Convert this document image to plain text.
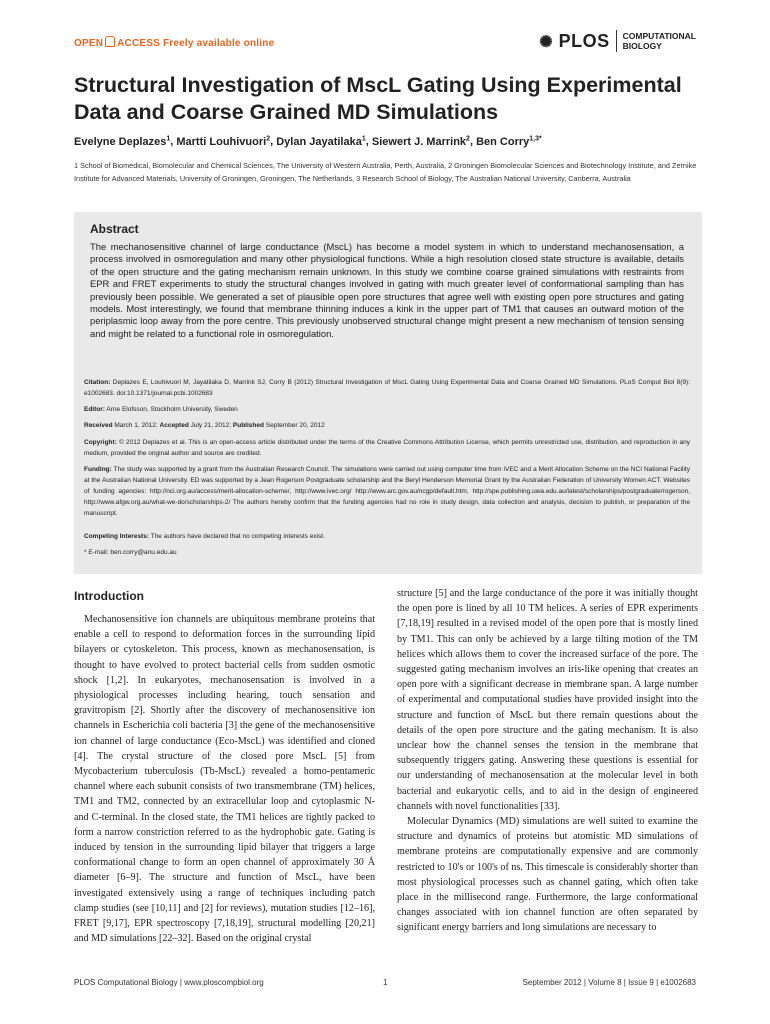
OPEN ACCESS Freely available online	✺ PLOS COMPUTATIONAL
BIOLOGY
Structural Investigation of MscL Gating Using Experimental Data and Coarse Grained MD Simulations
Evelyne Deplazes$^1$, Martti Louhivuori$^2$, Dylan Jayatilaka$^1$, Siewert J. Marrink$^2$, Ben Corry$^{1,3*}$
1 School of Biomedical, Biomolecular and Chemical Sciences, The University of Western Australia, Perth, Australia, 2 Groningen Biomolecular Sciences and Biotechnology Institute, and Zernike Institute for Advanced Materials, University of Groningen, Groningen, The Netherlands, 3 Research School of Biology, The Australian National University, Canberra, Australia
Abstract
The mechanosensitive channel of large conductance (MscL) has become a model system in which to understand mechanosensation, a process involved in osmoregulation and many other physiological functions. While a high resolution closed state structure is available, details of the open structure and the gating mechanism remain unknown. In this study we combine coarse grained simulations with restraints from EPR and FRET experiments to study the structural changes involved in gating with much greater level of conformational sampling than has previously been possible. We generated a set of plausible open pore structures that agree well with existing open pore structures and gating models. Most interestingly, we found that membrane thinning induces a kink in the upper part of TM1 that causes an outward motion of the periplasmic loop away from the pore centre. This previously unobserved structural change might present a new mechanism of tension sensing and might be related to a functional role in osmoregulation.
Citation: Deplazes E, Louhivuori M, Jayatilaka D, Marrink SJ, Corry B (2012) Structural Investigation of MscL Gating Using Experimental Data and Coarse Grained MD Simulations. PLoS Comput Biol 8(9): e1002683. doi:10.1371/journal.pcbi.1002683
Editor: Arne Elofsson, Stockholm University, Sweden
Received March 1, 2012; Accepted July 21, 2012; Published September 20, 2012
Copyright: © 2012 Deplazes et al. This is an open-access article distributed under the terms of the Creative Commons Attribution License, which permits unrestricted use, distribution, and reproduction in any medium, provided the original author and source are credited.
Funding: The study was supported by a grant from the Australian Research Council. The simulations were carried out using computer time from iVEC and a Merit Allocation Scheme on the NCI National Facility at the Australian National University. ED was supported by a Jean Rogerson Postgraduate scholarship and the Beryl Henderson Memorial Grant by the Australian Federation of University Women ACT. Websites of funding agencies: http://nci.org.au/access/merit-allocation-scheme/, http://www.ivec.org/ http://www.arc.gov.au/ncgp/default.htm, http://spe.publishing.uwa.edu.au/latest/scholarships/postgraduate/rogerson, http://www.afgw.org.au/what-we-do/scholarships-2/ The authors hereby confirm that the funding agencies had no role in study design, data collection and analysis, decision to publish, or preparation of the manuscript.
Competing Interests: The authors have declared that no competing interests exist.
* E-mail: ben.corry@anu.edu.au
Introduction

Mechanosensitive ion channels are ubiquitous membrane proteins that enable a cell to respond to deformation forces in the surrounding lipid bilayers or cytoskeleton. This process, known as mechanosensation, is thought to have evolved to protect bacterial cells from sudden osmotic shock [1,2]. In eukaryotes, mechanosensation is involved in a physiological processes including hearing, touch sensation and gravitropism [2]. Shortly after the discovery of mechanosensitive ion channels in Escherichia coli bacteria [3] the gene of the mechanosensitive ion channel of large conductance (Eco-MscL) was identified and cloned [4]. The crystal structure of the closed pore MscL [5] from Mycobacterium tuberculosis (Tb-MscL) revealed a homo-pentameric channel where each subunit consists of two transmembrane (TM) helices, TM1 and TM2, connected by an extracellular loop and cytoplasmic N- and C-terminal. In the closed state, the TM1 helices are tightly packed to form a narrow constriction referred to as the hydrophobic gate. Gating is induced by tension in the surrounding lipid bilayer that triggers a large conformational change to form an open channel of approximately 30 Å diameter [6–9]. The structure and function of MscL, have been investigated extensively using a range of techniques including patch clamp studies (see [10,11] and [2] for reviews), mutation studies [12–16], FRET [9,17], EPR spectroscopy [7,18,19], structural modelling [20,21] and MD simulations [22–32]. Based on the original crystal

structure [5] and the large conductance of the pore it was initially thought the open pore is lined by all 10 TM helices. A series of EPR experiments [7,18,19] resulted in a revised model of the open pore that is mostly lined by TM1. This can only be achieved by a large tilting motion of the TM helices which allows them to cover the increased surface of the pore. The suggested gating mechanism involves an iris-like opening that creates an open pore with a significant decrease in membrane span. A large number of experimental and computational studies have provided insight into the structure and function of MscL but there remain questions about the details of the open pore structure and the gating mechanism. It is also unclear how the channel senses the tension in the membrane that subsequently triggers gating. Answering these questions is essential for our understanding of mechanosensation at the molecular level in both bacterial and eukaryotic cells, and to aid in the design of engineered channels with novel functionalities [33].

Molecular Dynamics (MD) simulations are well suited to examine the structure and dynamics of proteins but atomistic MD simulations of membrane proteins are computationally expensive and are commonly restricted to 10's or 100's of ns. This timescale is considerably shorter than most physiological processes such as channel gating, which often take place in the millisecond range. Furthermore, the large conformational changes associated with ion channel function are often separated by significant energy barriers and long simulations are necessary to

PLOS Computational Biology | www.ploscompbiol.org	1	September 2012 | Volume 8 | Issue 9 | e1002683
